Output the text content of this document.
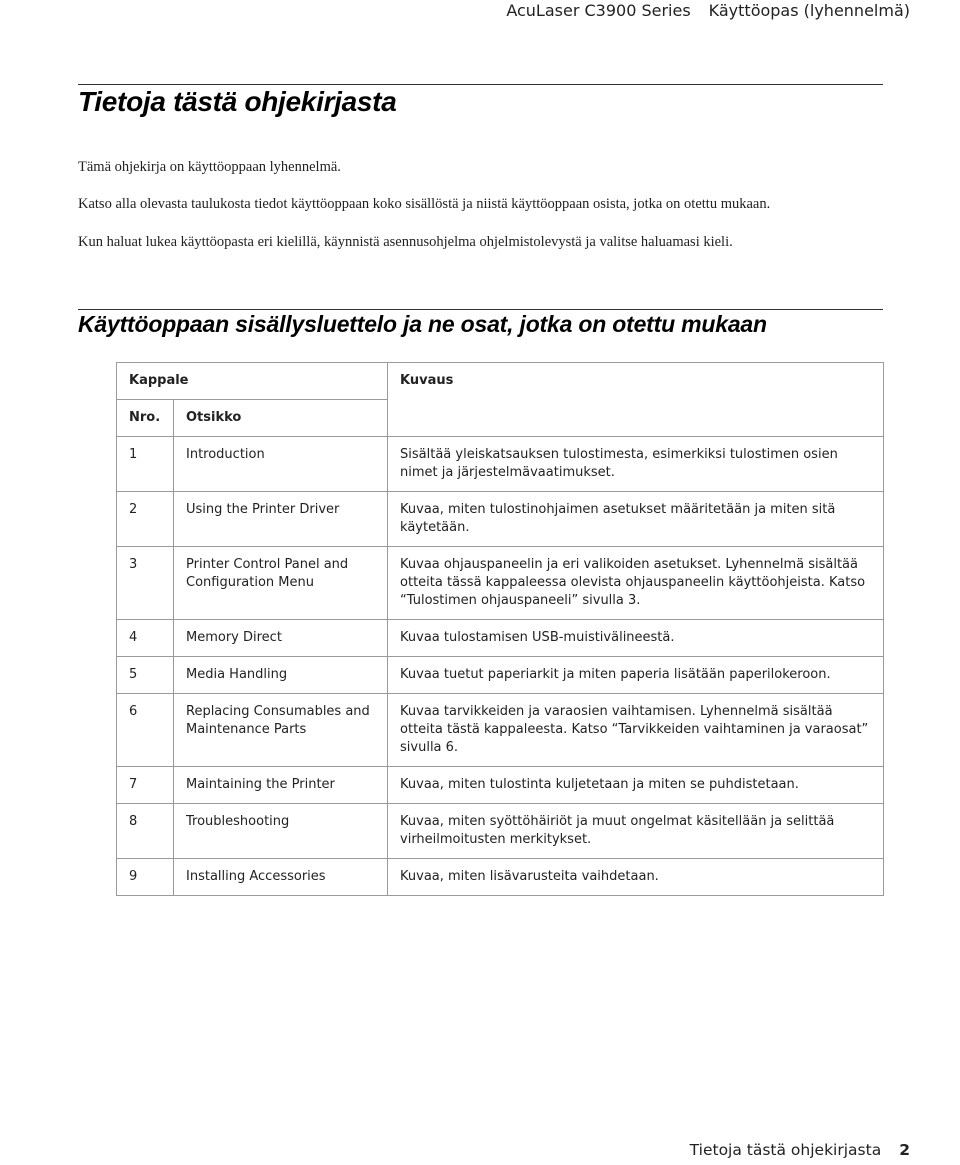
AcuLaser C3900 Series Käyttöopas (lyhennelmä)
Tietoja tästä ohjekirjasta
Tämä ohjekirja on käyttöoppaan lyhennelmä.
Katso alla olevasta taulukosta tiedot käyttöoppaan koko sisällöstä ja niistä käyttöoppaan osista, jotka on otettu mukaan.
Kun haluat lukea käyttöopasta eri kielillä, käynnistä asennusohjelma ohjelmistolevystä ja valitse haluamasi kieli.
Käyttöoppaan sisällysluettelo ja ne osat, jotka on otettu mukaan
Kappale		Kuvaus
Nro.	Otsikko	
1	Introduction	Sisältää yleiskatsauksen tulostimesta, esimerkiksi tulostimen osien nimet ja järjestelmävaatimukset.
2	Using the Printer Driver	Kuvaa, miten tulostinohjaimen asetukset määritetään ja miten sitä käytetään.
3	Printer Control Panel and Configuration Menu	Kuvaa ohjauspaneelin ja eri valikoiden asetukset. Lyhennelmä sisältää otteita tässä kappaleessa olevista ohjauspaneelin käyttöohjeista. Katso “Tulostimen ohjauspaneeli” sivulla 3.
4	Memory Direct	Kuvaa tulostamisen USB-muistivälineestä.
5	Media Handling	Kuvaa tuetut paperiarkit ja miten paperia lisätään paperilokeroon.
6	Replacing Consumables and Maintenance Parts	Kuvaa tarvikkeiden ja varaosien vaihtamisen. Lyhennelmä sisältää otteita tästä kappaleesta. Katso “Tarvikkeiden vaihtaminen ja varaosat” sivulla 6.
7	Maintaining the Printer	Kuvaa, miten tulostinta kuljetetaan ja miten se puhdistetaan.
8	Troubleshooting	Kuvaa, miten syöttöhäiriöt ja muut ongelmat käsitellään ja selittää virheilmoitusten merkitykset.
9	Installing Accessories	Kuvaa, miten lisävarusteita vaihdetaan.
Tietoja tästä ohjekirjasta 2
